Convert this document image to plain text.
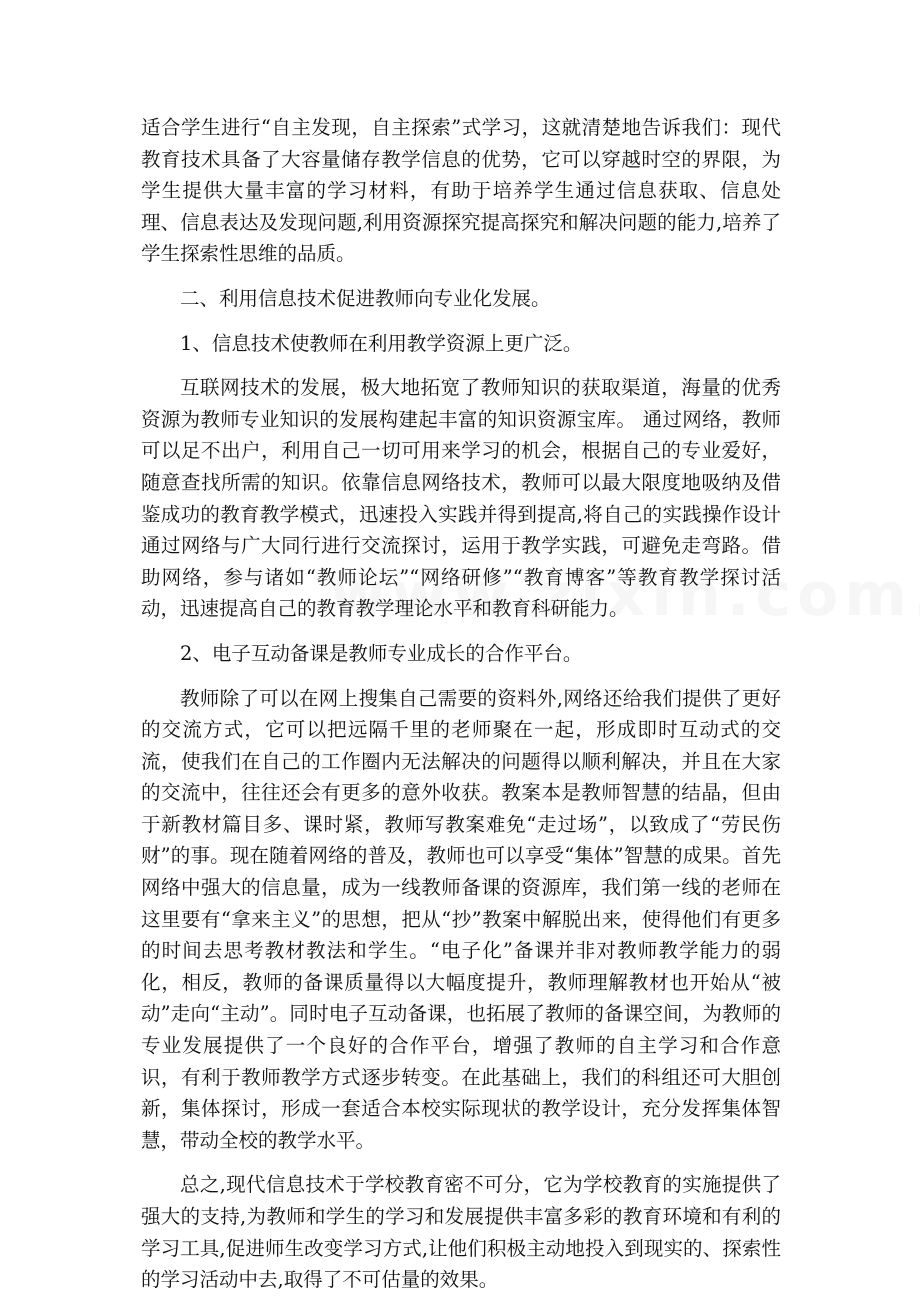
适合学生进行“自主发现，自主探索”式学习，这就清楚地告诉我们：现代教育技术具备了大容量储存教学信息的优势，它可以穿越时空的界限，为学生提供大量丰富的学习材料，有助于培养学生通过信息获取、信息处理、信息表达及发现问题,利用资源探究提高探究和解决问题的能力,培养了学生探索性思维的品质。

二、利用信息技术促进教师向专业化发展。

1、信息技术使教师在利用教学资源上更广泛。

互联网技术的发展，极大地拓宽了教师知识的获取渠道，海量的优秀资源为教师专业知识的发展构建起丰富的知识资源宝库。 通过网络，教师可以足不出户，利用自己一切可用来学习的机会，根据自己的专业爱好，随意查找所需的知识。依靠信息网络技术，教师可以最大限度地吸纳及借鉴成功的教育教学模式，迅速投入实践并得到提高,将自己的实践操作设计通过网络与广大同行进行交流探讨，运用于教学实践，可避免走弯路。借助网络，参与诸如“教师论坛”“网络研修”“教育博客”等教育教学探讨活动，迅速提高自己的教育教学理论水平和教育科研能力。

2、电子互动备课是教师专业成长的合作平台。

教师除了可以在网上搜集自己需要的资料外,网络还给我们提供了更好的交流方式，它可以把远隔千里的老师聚在一起，形成即时互动式的交流，使我们在自己的工作圈内无法解决的问题得以顺利解决，并且在大家的交流中，往往还会有更多的意外收获。教案本是教师智慧的结晶，但由于新教材篇目多、课时紧，教师写教案难免“走过场”，以致成了“劳民伤财”的事。现在随着网络的普及，教师也可以享受“集体”智慧的成果。首先网络中强大的信息量，成为一线教师备课的资源库，我们第一线的老师在这里要有“拿来主义”的思想，把从“抄”教案中解脱出来，使得他们有更多的时间去思考教材教法和学生。“电子化”备课并非对教师教学能力的弱化，相反，教师的备课质量得以大幅度提升，教师理解教材也开始从“被动”走向“主动”。同时电子互动备课，也拓展了教师的备课空间，为教师的专业发展提供了一个良好的合作平台，增强了教师的自主学习和合作意识，有利于教师教学方式逐步转变。在此基础上，我们的科组还可大胆创新，集体探讨，形成一套适合本校实际现状的教学设计，充分发挥集体智慧，带动全校的教学水平。

总之,现代信息技术于学校教育密不可分，它为学校教育的实施提供了强大的支持,为教师和学生的学习和发展提供丰富多彩的教育环境和有利的学习工具,促进师生改变学习方式,让他们积极主动地投入到现实的、探索性的学习活动中去,取得了不可估量的效果。
